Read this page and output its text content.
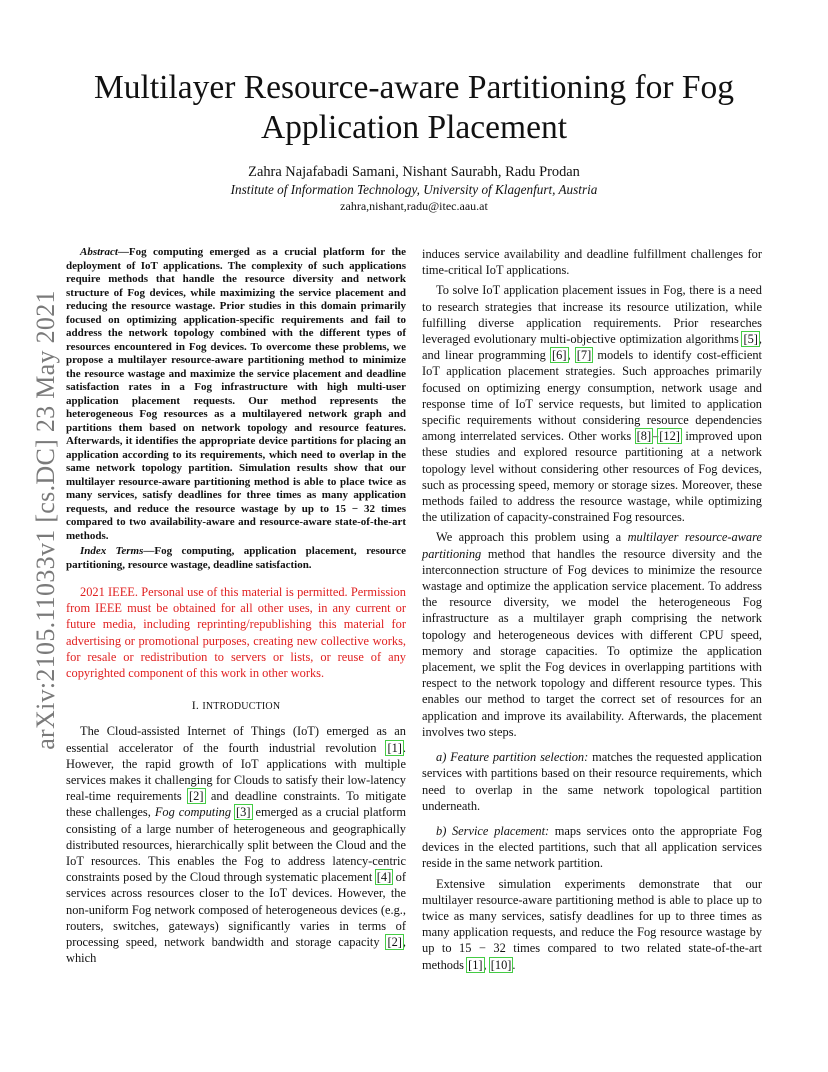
arXiv:2105.11033v1 [cs.DC] 23 May 2021
Multilayer Resource-aware Partitioning for Fog Application Placement
Zahra Najafabadi Samani, Nishant Saurabh, Radu Prodan
Institute of Information Technology, University of Klagenfurt, Austria
zahra,nishant,radu@itec.aau.at

Abstract—Fog computing emerged as a crucial platform for the deployment of IoT applications. The complexity of such applications require methods that handle the resource diversity and network structure of Fog devices, while maximizing the service placement and reducing the resource wastage. Prior studies in this domain primarily focused on optimizing application-specific requirements and fail to address the network topology combined with the different types of resources encountered in Fog devices. To overcome these problems, we propose a multilayer resource-aware partitioning method to minimize the resource wastage and maximize the service placement and deadline satisfaction rates in a Fog infrastructure with high multi-user application placement requests. Our method represents the heterogeneous Fog resources as a multilayered network graph and partitions them based on network topology and resource features. Afterwards, it identifies the appropriate device partitions for placing an application according to its requirements, which need to overlap in the same network topology partition. Simulation results show that our multilayer resource-aware partitioning method is able to place twice as many services, satisfy deadlines for three times as many application requests, and reduce the resource wastage by up to 15 − 32 times compared to two availability-aware and resource-aware state-of-the-art methods.

Index Terms—Fog computing, application placement, resource partitioning, resource wastage, deadline satisfaction.

2021 IEEE. Personal use of this material is permitted. Permission from IEEE must be obtained for all other uses, in any current or future media, including reprinting/republishing this material for advertising or promotional purposes, creating new collective works, for resale or redistribution to servers or lists, or reuse of any copyrighted component of this work in other works.

I. INTRODUCTION

The Cloud-assisted Internet of Things (IoT) emerged as an essential accelerator of the fourth industrial revolution [1]. However, the rapid growth of IoT applications with multiple services makes it challenging for Clouds to satisfy their low-latency real-time requirements [2] and deadline constraints. To mitigate these challenges, Fog computing [3] emerged as a crucial platform consisting of a large number of heterogeneous and geographically distributed resources, hierarchically split between the Cloud and the IoT resources. This enables the Fog to address latency-centric constraints posed by the Cloud through systematic placement [4] of services across resources closer to the IoT devices. However, the non-uniform Fog network composed of heterogeneous devices (e.g., routers, switches, gateways) significantly varies in terms of processing speed, network bandwidth and storage capacity [2], which

induces service availability and deadline fulfillment challenges for time-critical IoT applications.

To solve IoT application placement issues in Fog, there is a need to research strategies that increase its resource utilization, while fulfilling diverse application requirements. Prior researches leveraged evolutionary multi-objective optimization algorithms [5], and linear programming [6], [7] models to identify cost-efficient IoT application placement strategies. Such approaches primarily focused on optimizing energy consumption, network usage and response time of IoT service requests, but limited to application specific requirements without considering resource dependencies among interrelated services. Other works [8]–[12] improved upon these studies and explored resource partitioning at a network topology level without considering other resources of Fog devices, such as processing speed, memory or storage sizes. Moreover, these methods failed to address the resource wastage, while optimizing the utilization of capacity-constrained Fog resources.

We approach this problem using a multilayer resource-aware partitioning method that handles the resource diversity and the interconnection structure of Fog devices to minimize the resource wastage and optimize the application service placement. To address the resource diversity, we model the heterogeneous Fog infrastructure as a multilayer graph comprising the network topology and heterogeneous devices with different CPU speed, memory and storage capacities. To optimize the application placement, we split the Fog devices in overlapping partitions with respect to the network topology and different resource types. This enables our method to target the correct set of resources for an application and improve its availability. Afterwards, the placement involves two steps.

a) Feature partition selection: matches the requested application services with partitions based on their resource requirements, which need to overlap in the same network topological partition underneath.

b) Service placement: maps services onto the appropriate Fog devices in the elected partitions, such that all application services reside in the same network partition.

Extensive simulation experiments demonstrate that our multilayer resource-aware partitioning method is able to place up to twice as many services, satisfy deadlines for up to three times as many application requests, and reduce the Fog resource wastage by up to 15 − 32 times compared to two related state-of-the-art methods [1], [10].
